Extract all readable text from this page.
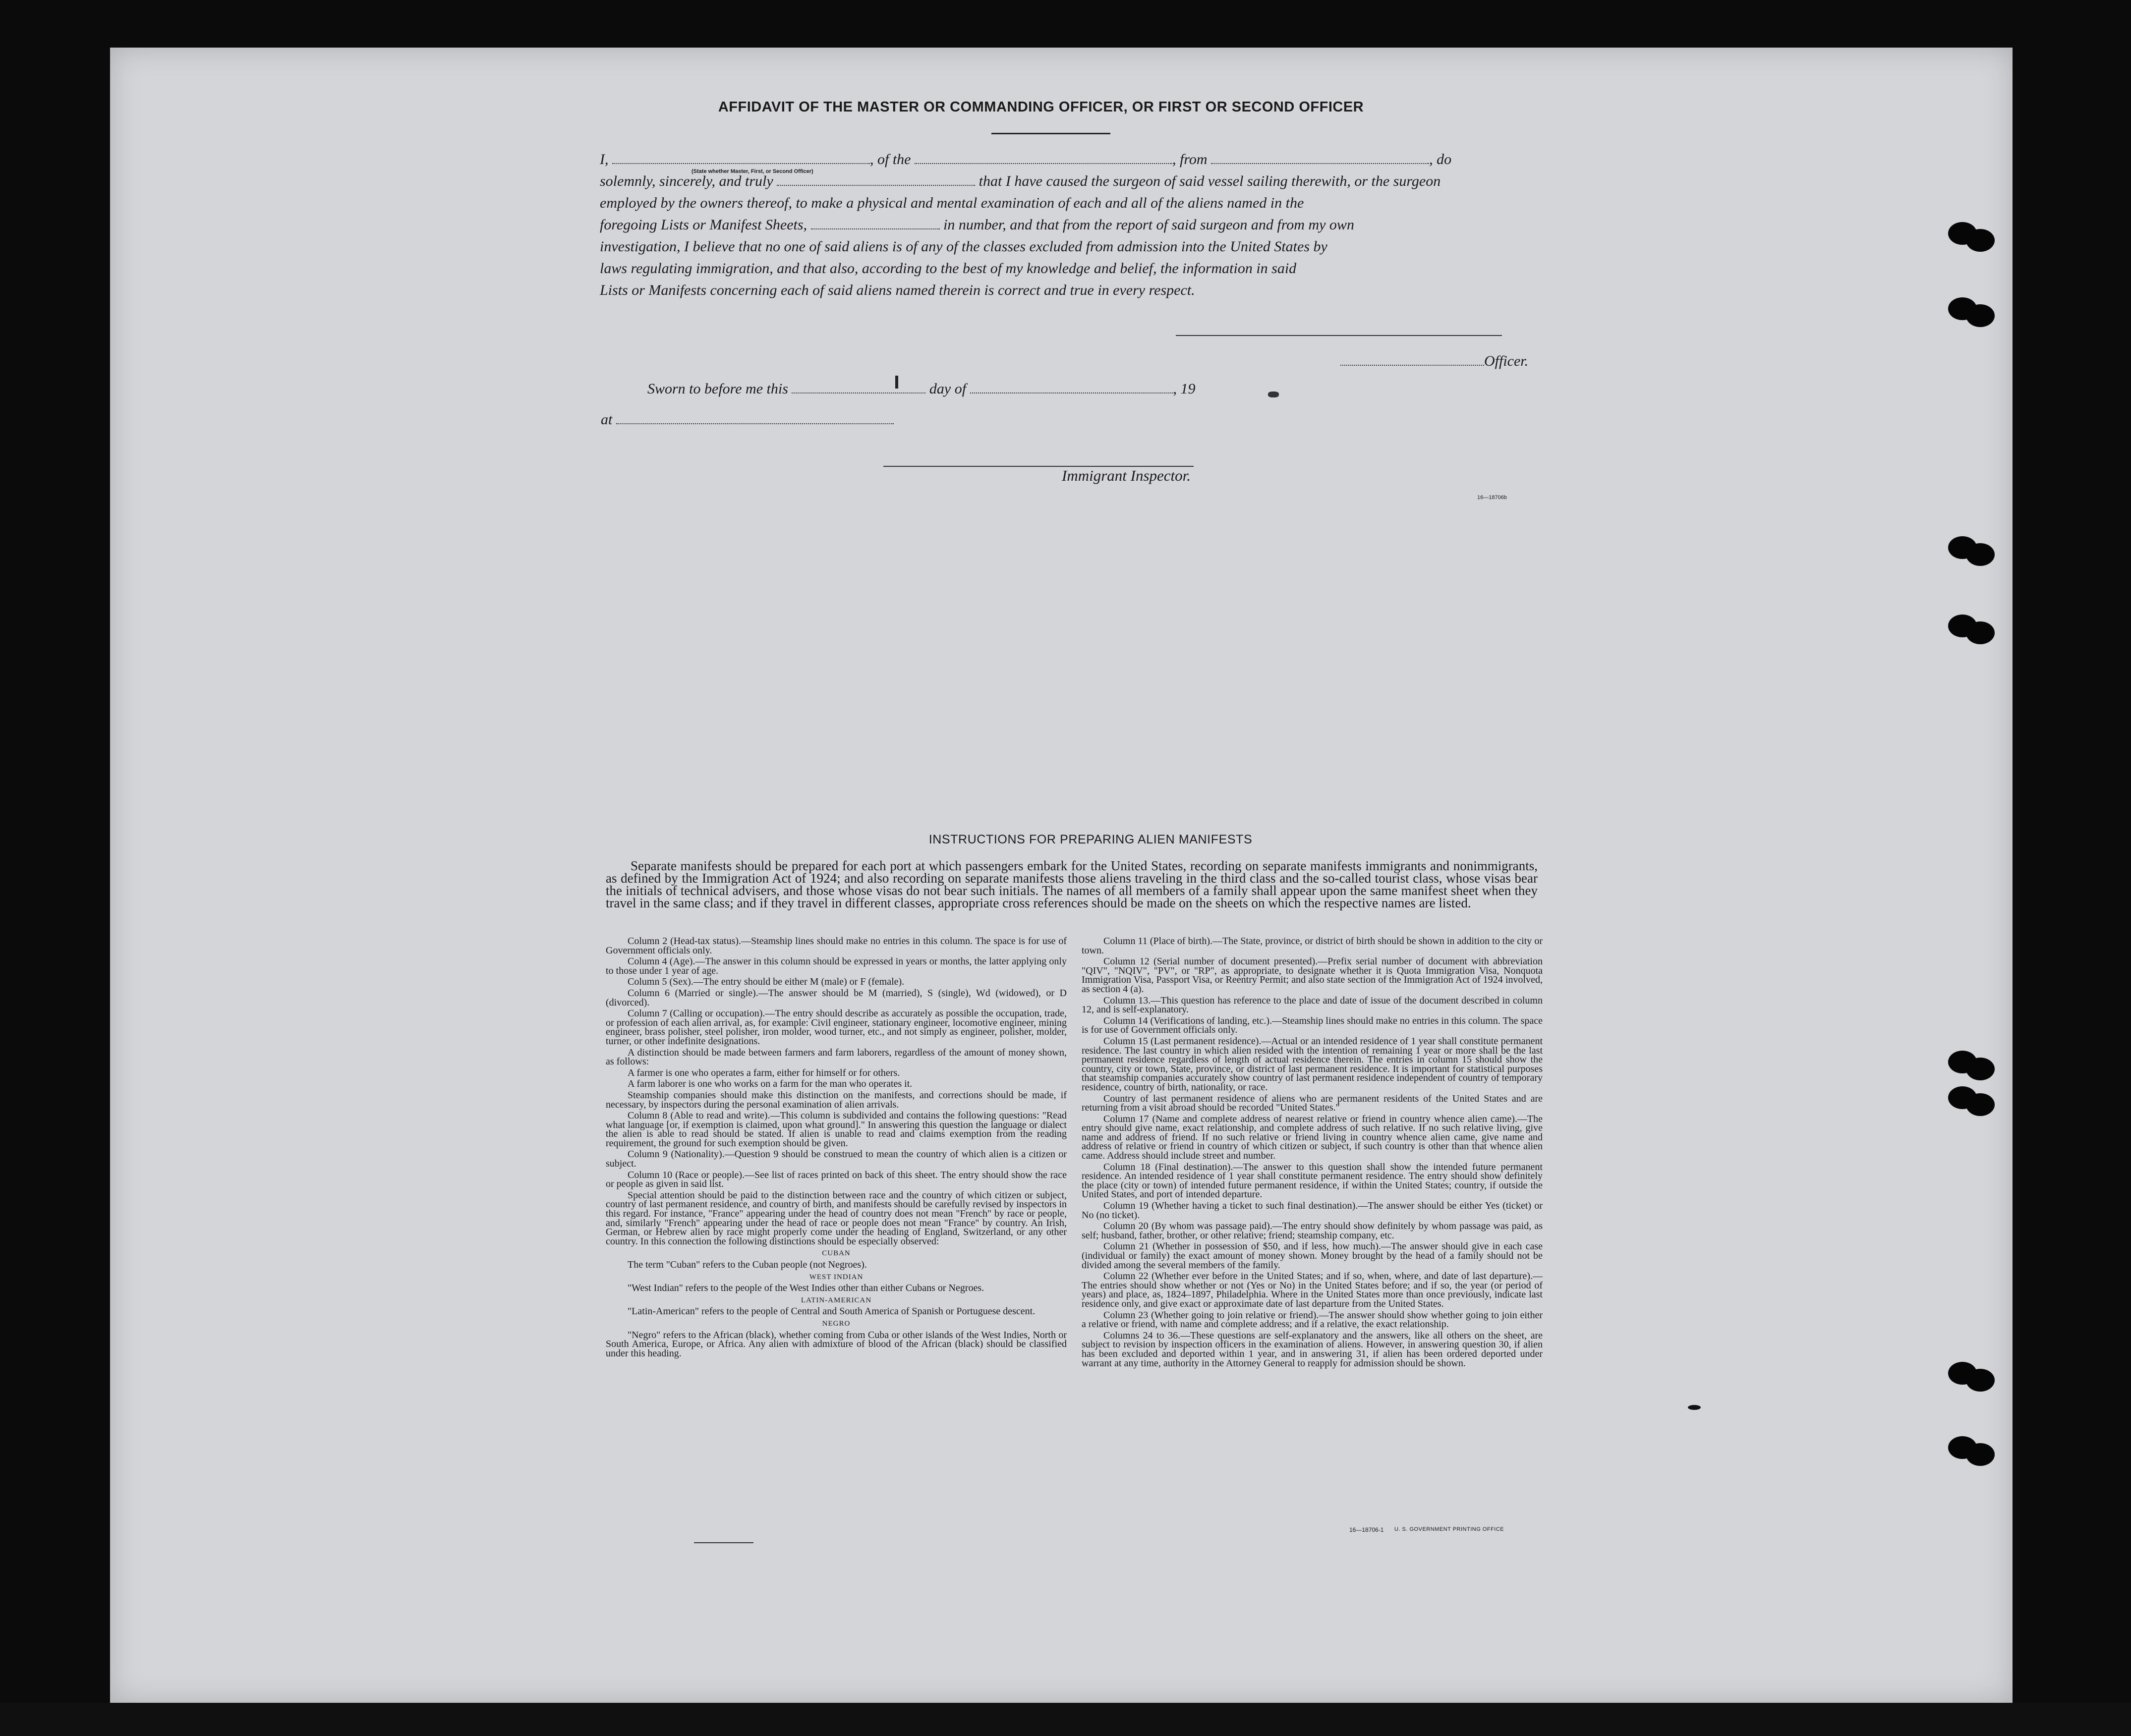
AFFIDAVIT OF THE MASTER OR COMMANDING OFFICER, OR FIRST OR SECOND OFFICER
I,	, of the	, from	, do
(State whether Master, First, or Second Officer)
solemnly, sincerely, and truly	that I have caused the surgeon of said vessel sailing therewith, or the surgeon
employed by the owners thereof, to make a physical and mental examination of each and all of the aliens named in the
foregoing Lists or Manifest Sheets,	in number, and that from the report of said surgeon and from my own
investigation, I believe that no one of said aliens is of any of the classes excluded from admission into the United States by
laws regulating immigration, and that also, according to the best of my knowledge and belief, the information in said
Lists or Manifests concerning each of said aliens named therein is correct and true in every respect.
Officer.
Sworn to before me this	day of	, 19
at
Immigrant Inspector.
16—18706b
INSTRUCTIONS FOR PREPARING ALIEN MANIFESTS

Separate manifests should be prepared for each port at which passengers embark for the United States, recording on separate manifests immigrants and nonimmigrants, as defined by the Immigration Act of 1924; and also recording on separate manifests those aliens traveling in the third class and the so-called tourist class, whose visas bear the initials of technical advisers, and those whose visas do not bear such initials. The names of all members of a family shall appear upon the same manifest sheet when they travel in the same class; and if they travel in different classes, appropriate cross references should be made on the sheets on which the respective names are listed.

Column 2 (Head-tax status).—Steamship lines should make no entries in this column. The space is for use of Government officials only.

Column 4 (Age).—The answer in this column should be expressed in years or months, the latter applying only to those under 1 year of age.

Column 5 (Sex).—The entry should be either M (male) or F (female).

Column 6 (Married or single).—The answer should be M (married), S (single), Wd (widowed), or D (divorced).

Column 7 (Calling or occupation).—The entry should describe as accurately as possible the occupation, trade, or profession of each alien arrival, as, for example: Civil engineer, stationary engineer, locomotive engineer, mining engineer, brass polisher, steel polisher, iron molder, wood turner, etc., and not simply as engineer, polisher, molder, turner, or other indefinite designations.

A distinction should be made between farmers and farm laborers, regardless of the amount of money shown, as follows:

A farmer is one who operates a farm, either for himself or for others.

A farm laborer is one who works on a farm for the man who operates it.

Steamship companies should make this distinction on the manifests, and corrections should be made, if necessary, by inspectors during the personal examination of alien arrivals.

Column 8 (Able to read and write).—This column is subdivided and contains the following questions: "Read what language [or, if exemption is claimed, upon what ground]." In answering this question the language or dialect the alien is able to read should be stated. If alien is unable to read and claims exemption from the reading requirement, the ground for such exemption should be given.

Column 9 (Nationality).—Question 9 should be construed to mean the country of which alien is a citizen or subject.

Column 10 (Race or people).—See list of races printed on back of this sheet. The entry should show the race or people as given in said list.

Special attention should be paid to the distinction between race and the country of which citizen or subject, country of last permanent residence, and country of birth, and manifests should be carefully revised by inspectors in this regard. For instance, "France" appearing under the head of country does not mean "French" by race or people, and, similarly "French" appearing under the head of race or people does not mean "France" by country. An Irish, German, or Hebrew alien by race might properly come under the heading of England, Switzerland, or any other country. In this connection the following distinctions should be especially observed:

CUBAN

The term "Cuban" refers to the Cuban people (not Negroes).

WEST INDIAN

"West Indian" refers to the people of the West Indies other than either Cubans or Negroes.

LATIN-AMERICAN

"Latin-American" refers to the people of Central and South America of Spanish or Portuguese descent.

NEGRO

"Negro" refers to the African (black), whether coming from Cuba or other islands of the West Indies, North or South America, Europe, or Africa. Any alien with admixture of blood of the African (black) should be classified under this heading.

Column 11 (Place of birth).—The State, province, or district of birth should be shown in addition to the city or town.

Column 12 (Serial number of document presented).—Prefix serial number of document with abbreviation "QIV", "NQIV", "PV", or "RP", as appropriate, to designate whether it is Quota Immigration Visa, Nonquota Immigration Visa, Passport Visa, or Reentry Permit; and also state section of the Immigration Act of 1924 involved, as section 4 (a).

Column 13.—This question has reference to the place and date of issue of the document described in column 12, and is self-explanatory.

Column 14 (Verifications of landing, etc.).—Steamship lines should make no entries in this column. The space is for use of Government officials only.

Column 15 (Last permanent residence).—Actual or an intended residence of 1 year shall constitute permanent residence. The last country in which alien resided with the intention of remaining 1 year or more shall be the last permanent residence regardless of length of actual residence therein. The entries in column 15 should show the country, city or town, State, province, or district of last permanent residence. It is important for statistical purposes that steamship companies accurately show country of last permanent residence independent of country of temporary residence, country of birth, nationality, or race.

Country of last permanent residence of aliens who are permanent residents of the United States and are returning from a visit abroad should be recorded "United States."

Column 17 (Name and complete address of nearest relative or friend in country whence alien came).—The entry should give name, exact relationship, and complete address of such relative. If no such relative living, give name and address of friend. If no such relative or friend living in country whence alien came, give name and address of relative or friend in country of which citizen or subject, if such country is other than that whence alien came. Address should include street and number.

Column 18 (Final destination).—The answer to this question shall show the intended future permanent residence. An intended residence of 1 year shall constitute permanent residence. The entry should show definitely the place (city or town) of intended future permanent residence, if within the United States; country, if outside the United States, and port of intended departure.

Column 19 (Whether having a ticket to such final destination).—The answer should be either Yes (ticket) or No (no ticket).

Column 20 (By whom was passage paid).—The entry should show definitely by whom passage was paid, as self; husband, father, brother, or other relative; friend; steamship company, etc.

Column 21 (Whether in possession of $50, and if less, how much).—The answer should give in each case (individual or family) the exact amount of money shown. Money brought by the head of a family should not be divided among the several members of the family.

Column 22 (Whether ever before in the United States; and if so, when, where, and date of last departure).—The entries should show whether or not (Yes or No) in the United States before; and if so, the year (or period of years) and place, as, 1824–1897, Philadelphia. Where in the United States more than once previously, indicate last residence only, and give exact or approximate date of last departure from the United States.

Column 23 (Whether going to join relative or friend).—The answer should show whether going to join either a relative or friend, with name and complete address; and if a relative, the exact relationship.

Columns 24 to 36.—These questions are self-explanatory and the answers, like all others on the sheet, are subject to revision by inspection officers in the examination of aliens. However, in answering question 30, if alien has been excluded and deported within 1 year, and in answering 31, if alien has been ordered deported under warrant at any time, authority in the Attorney General to reapply for admission should be shown.

16—18706-1 U. S. GOVERNMENT PRINTING OFFICE
